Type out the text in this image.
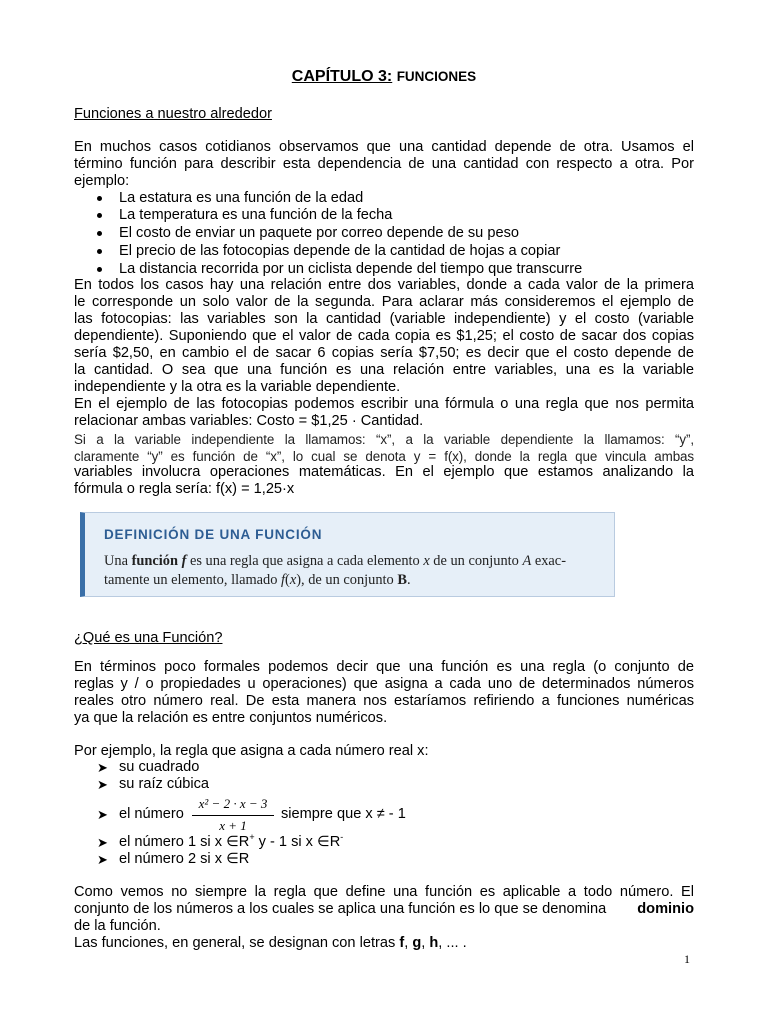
CAPÍTULO 3: FUNCIONES
Funciones a nuestro alrededor
En muchos casos cotidianos observamos que una cantidad depende de otra. Usamos el
término función para describir esta dependencia de una cantidad con respecto a otra. Por
ejemplo:
La estatura es una función de la edad
La temperatura es una función de la fecha
El costo de enviar un paquete por correo depende de su peso
El precio de las fotocopias depende de la cantidad de hojas a copiar
La distancia recorrida por un ciclista depende del tiempo que transcurre
En todos los casos hay una relación entre dos variables, donde a cada valor de la primera
le corresponde un solo valor de la segunda. Para aclarar más consideremos el ejemplo de
las fotocopias: las variables son la cantidad (variable independiente) y el costo (variable
dependiente). Suponiendo que el valor de cada copia es $1,25; el costo de sacar dos copias
sería $2,50, en cambio el de sacar 6 copias sería $7,50; es decir que el costo depende de
la cantidad. O sea que una función es una relación entre variables, una es la variable
independiente y la otra es la variable dependiente.
En el ejemplo de las fotocopias podemos escribir una fórmula o una regla que nos permita
relacionar ambas variables: Costo = $1,25 · Cantidad.
Si a la variable independiente la llamamos: “x”, a la variable dependiente la llamamos: “y”,
claramente “y” es función de “x”, lo cual se denota y = f(x), donde la regla que vincula ambas
variables involucra operaciones matemáticas. En el ejemplo que estamos analizando la
fórmula o regla sería: f(x) = 1,25·x
DEFINICIÓN DE UNA FUNCIÓN
Una función f es una regla que asigna a cada elemento x de un conjunto A exac-
tamente un elemento, llamado f(x), de un conjunto B.
¿Qué es una Función?
En términos poco formales podemos decir que una función es una regla (o conjunto de
reglas y / o propiedades u operaciones) que asigna a cada uno de determinados números
reales otro número real. De esta manera nos estaríamos refiriendo a funciones numéricas
ya que la relación es entre conjuntos numéricos.
Por ejemplo, la regla que asigna a cada número real x:
➤ su cuadrado
➤ su raíz cúbica
➤ el número
x² − 2 · x − 3
x + 1
siempre que x ≠ - 1
➤ el número 1 si x ∈R+ y - 1 si x ∈R-
➤ el número 2 si x ∈R
Como vemos no siempre la regla que define una función es aplicable a todo número. El
conjunto de los números a los cuales se aplica una función es lo que se denomina dominio
de la función.
Las funciones, en general, se designan con letras f, g, h, ... .
1
